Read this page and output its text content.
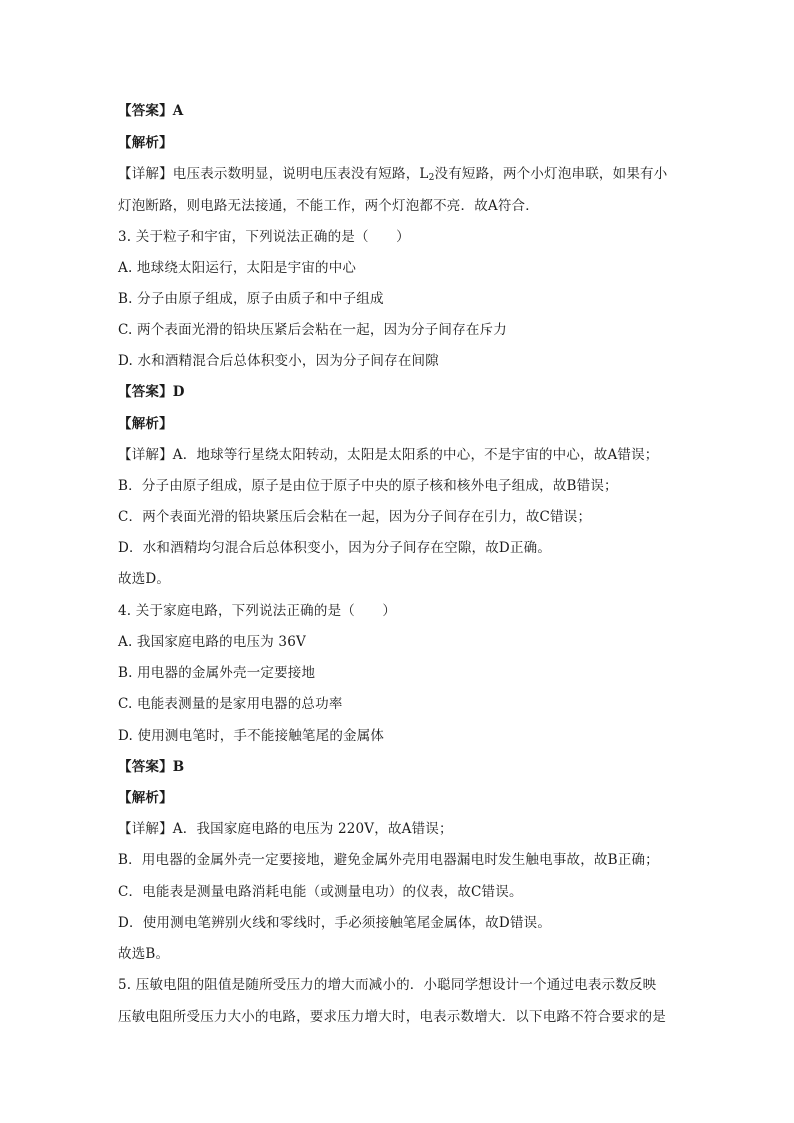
【答案】A
【解析】
【详解】电压表示数明显，说明电压表没有短路，$L_2$没有短路，两个小灯泡串联，如果有小
灯泡断路，则电路无法接通，不能工作，两个灯泡都不亮．故A符合．
3. 关于粒子和宇宙，下列说法正确的是（　　）
A. 地球绕太阳运行，太阳是宇宙的中心
B. 分子由原子组成，原子由质子和中子组成
C. 两个表面光滑的铅块压紧后会粘在一起，因为分子间存在斥力
D. 水和酒精混合后总体积变小，因为分子间存在间隙
【答案】D
【解析】
【详解】A．地球等行星绕太阳转动，太阳是太阳系的中心，不是宇宙的中心，故A错误；
B．分子由原子组成，原子是由位于原子中央的原子核和核外电子组成，故B错误；
C．两个表面光滑的铅块紧压后会粘在一起，因为分子间存在引力，故C错误；
D．水和酒精均匀混合后总体积变小，因为分子间存在空隙，故D正确。
故选D。
4. 关于家庭电路，下列说法正确的是（　　）
A. 我国家庭电路的电压为 36V
B. 用电器的金属外壳一定要接地
C. 电能表测量的是家用电器的总功率
D. 使用测电笔时，手不能接触笔尾的金属体
【答案】B
【解析】
【详解】A．我国家庭电路的电压为 220V，故A错误；
B．用电器的金属外壳一定要接地，避免金属外壳用电器漏电时发生触电事故，故B正确；
C．电能表是测量电路消耗电能（或测量电功）的仪表，故C错误。
D．使用测电笔辨别火线和零线时，手必须接触笔尾金属体，故D错误。
故选B。
5. 压敏电阻的阻值是随所受压力的增大而减小的．小聪同学想设计一个通过电表示数反映
压敏电阻所受压力大小的电路，要求压力增大时，电表示数增大．以下电路不符合要求的是
